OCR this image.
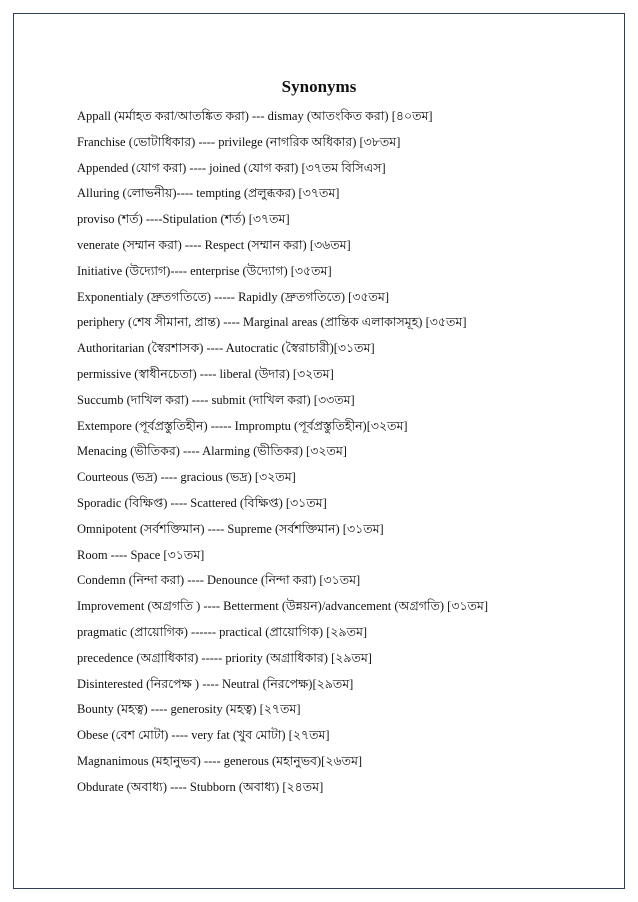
Synonyms
Appall (মর্মাহত করা/আতঙ্কিত করা) --- dismay (আতংকিত করা) [৪০তম]
Franchise (ভোটাধিকার) ---- privilege (নাগরিক অধিকার) [৩৮তম]
Appended (যোগ করা) ---- joined (যোগ করা) [৩৭তম বিসিএস]
Alluring (লোভনীয়)---- tempting (প্রলুব্ধকর) [৩৭তম]
proviso (শর্ত) ----Stipulation (শর্ত) [৩৭তম]
venerate (সম্মান করা) ---- Respect (সম্মান করা) [৩৬তম]
Initiative (উদ্যোগ)---- enterprise (উদ্যোগ) [৩৫তম]
Exponentialy (দ্রুতগতিতে) ----- Rapidly (দ্রুতগতিতে) [৩৫তম]
periphery (শেষ সীমানা, প্রান্ত) ---- Marginal areas (প্রান্তিক এলাকাসমূহ) [৩৫তম]
Authoritarian (স্বৈরশাসক) ---- Autocratic (স্বৈরাচারী)[৩১তম]
permissive (স্বাধীনচেতা) ---- liberal (উদার) [৩২তম]
Succumb (দাখিল করা) ---- submit (দাখিল করা) [৩৩তম]
Extempore (পূর্বপ্রস্তুতিহীন) ----- Impromptu (পূর্বপ্রস্তুতিহীন)[৩২তম]
Menacing (ভীতিকর) ---- Alarming (ভীতিকর) [৩২তম]
Courteous (ভদ্র) ---- gracious (ভদ্র) [৩২তম]
Sporadic (বিক্ষিপ্ত) ---- Scattered (বিক্ষিপ্ত) [৩১তম]
Omnipotent (সর্বশক্তিমান) ---- Supreme (সর্বশক্তিমান) [৩১তম]
Room ---- Space [৩১তম]
Condemn (নিন্দা করা) ---- Denounce (নিন্দা করা) [৩১তম]
Improvement (অগ্রগতি ) ---- Betterment (উন্নয়ন)/advancement (অগ্রগতি) [৩১তম]
pragmatic (প্রায়োগিক) ------ practical (প্রায়োগিক) [২৯তম]
precedence (অগ্রাধিকার) ----- priority (অগ্রাধিকার) [২৯তম]
Disinterested (নিরপেক্ষ ) ---- Neutral (নিরপেক্ষ)[২৯তম]
Bounty (মহত্ব) ---- generosity (মহত্ব) [২৭তম]
Obese (বেশ মোটা) ---- very fat (খুব মোটা) [২৭তম]
Magnanimous (মহানুভব) ---- generous (মহানুভব)[২৬তম]
Obdurate (অবাধ্য) ---- Stubborn (অবাধ্য) [২৪তম]
